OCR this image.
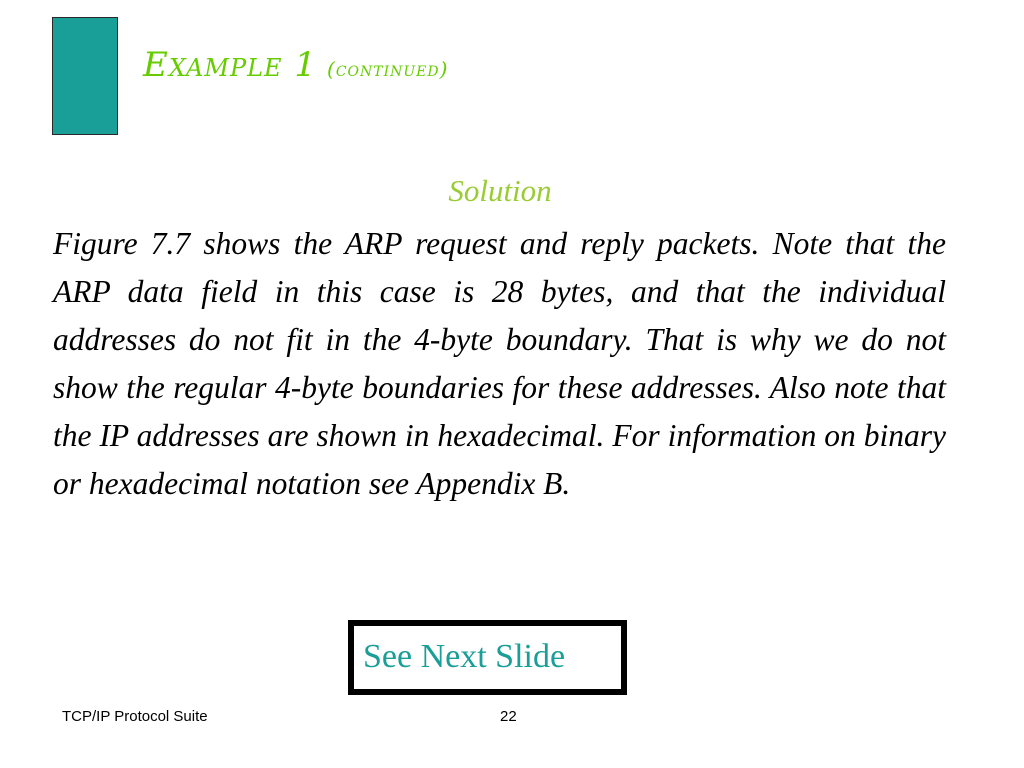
Example 1 (continued)
Solution
Figure 7.7 shows the ARP request and reply packets. Note that the ARP data field in this case is 28 bytes, and that the individual addresses do not fit in the 4-byte boundary. That is why we do not show the regular 4-byte boundaries for these addresses. Also note that the IP addresses are shown in hexadecimal. For information on binary or hexadecimal notation see Appendix B.
See Next Slide
TCP/IP Protocol Suite	22
